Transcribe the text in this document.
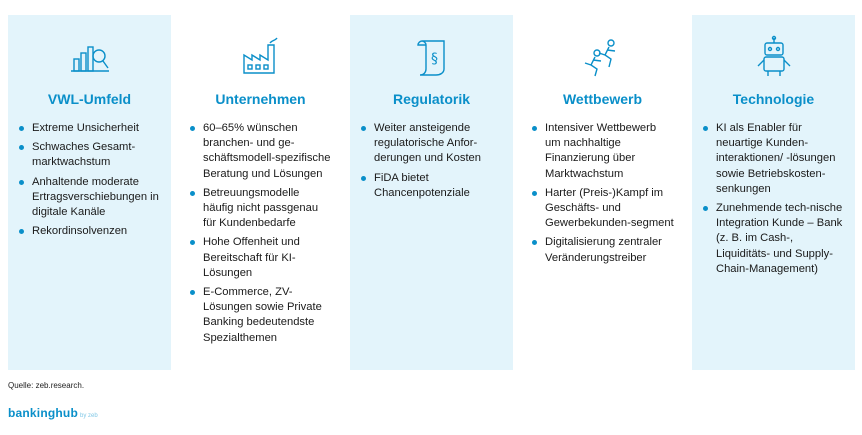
VWL-Umfeld
Extreme Unsicherheit
Schwaches Gesamt-marktwachstum
Anhaltende moderate Ertragsverschiebungen in digitale Kanäle
Rekordinsolvenzen
Unternehmen
60–65% wünschen branchen- und ge-schäftsmodell-spezifische Beratung und Lösungen
Betreuungsmodelle häufig nicht passgenau für Kundenbedarfe
Hohe Offenheit und Bereitschaft für KI-Lösungen
E-Commerce, ZV-Lösungen sowie Private Banking bedeutendste Spezialthemen
§
Regulatorik
Weiter ansteigende regulatorische Anfor-derungen und Kosten
FiDA bietet Chancenpotenziale
Wettbewerb
Intensiver Wettbewerb um nachhaltige Finanzierung über Marktwachstum
Harter (Preis-)Kampf im Geschäfts- und Gewerbekunden-segment
Digitalisierung zentraler Veränderungstreiber
Technologie
KI als Enabler für neuartige Kunden-interaktionen/ -lösungen sowie Betriebskosten-senkungen
Zunehmende tech-nische Integration Kunde – Bank (z. B. im Cash-, Liquiditäts- und Supply-Chain-Management)
Quelle: zeb.research.
bankinghub by zeb
